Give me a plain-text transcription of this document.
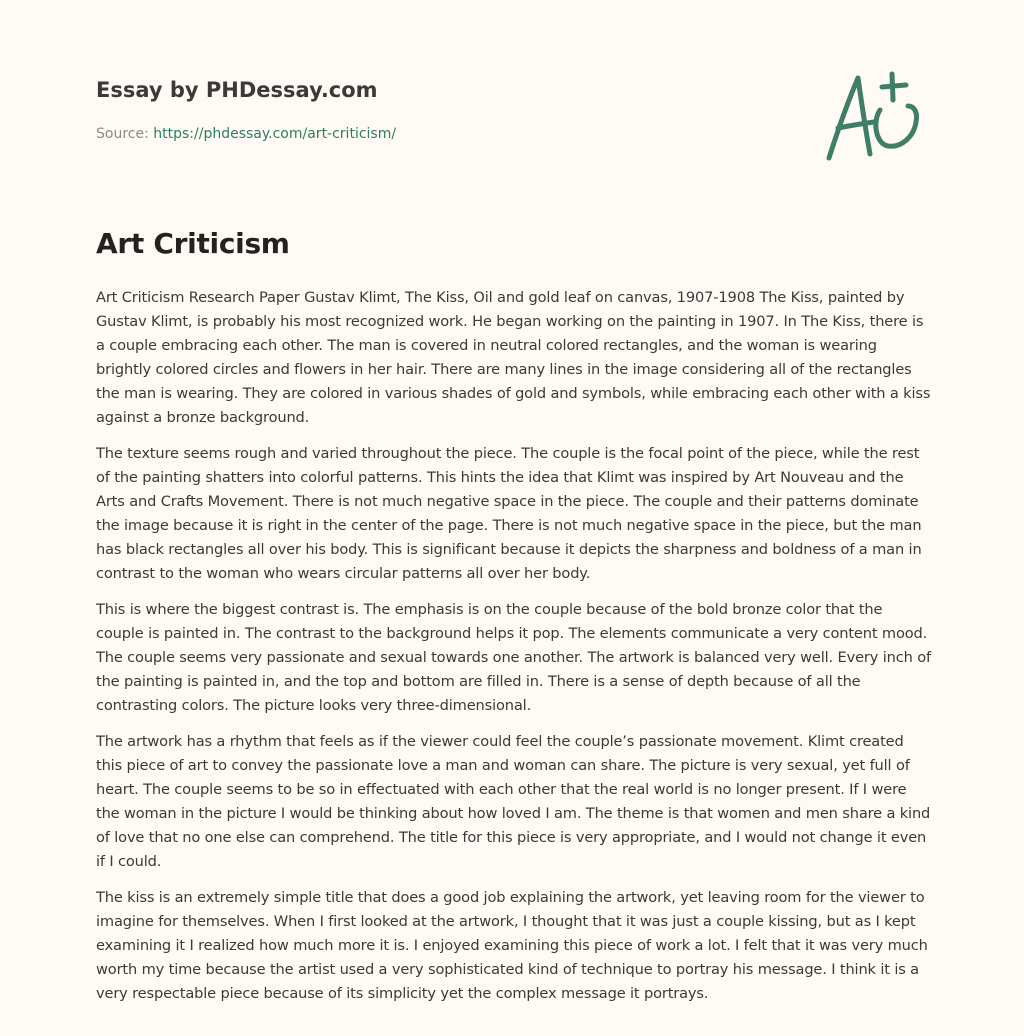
Essay by PHDessay.com
Source: https://phdessay.com/art-criticism/
Art Criticism

Art Criticism Research Paper Gustav Klimt, The Kiss, Oil and gold leaf on canvas, 1907-1908 The Kiss, painted by Gustav Klimt, is probably his most recognized work. He began working on the painting in 1907. In The Kiss, there is a couple embracing each other. The man is covered in neutral colored rectangles, and the woman is wearing brightly colored circles and flowers in her hair. There are many lines in the image considering all of the rectangles the man is wearing. They are colored in various shades of gold and symbols, while embracing each other with a kiss against a bronze background.

The texture seems rough and varied throughout the piece. The couple is the focal point of the piece, while the rest of the painting shatters into colorful patterns. This hints the idea that Klimt was inspired by Art Nouveau and the Arts and Crafts Movement. There is not much negative space in the piece. The couple and their patterns dominate the image because it is right in the center of the page. There is not much negative space in the piece, but the man has black rectangles all over his body. This is significant because it depicts the sharpness and boldness of a man in contrast to the woman who wears circular patterns all over her body.

This is where the biggest contrast is. The emphasis is on the couple because of the bold bronze color that the couple is painted in. The contrast to the background helps it pop. The elements communicate a very content mood. The couple seems very passionate and sexual towards one another. The artwork is balanced very well. Every inch of the painting is painted in, and the top and bottom are filled in. There is a sense of depth because of all the contrasting colors. The picture looks very three-dimensional.

The artwork has a rhythm that feels as if the viewer could feel the couple’s passionate movement. Klimt created this piece of art to convey the passionate love a man and woman can share. The picture is very sexual, yet full of heart. The couple seems to be so in effectuated with each other that the real world is no longer present. If I were the woman in the picture I would be thinking about how loved I am. The theme is that women and men share a kind of love that no one else can comprehend. The title for this piece is very appropriate, and I would not change it even if I could.

The kiss is an extremely simple title that does a good job explaining the artwork, yet leaving room for the viewer to imagine for themselves. When I first looked at the artwork, I thought that it was just a couple kissing, but as I kept examining it I realized how much more it is. I enjoyed examining this piece of work a lot. I felt that it was very much worth my time because the artist used a very sophisticated kind of technique to portray his message. I think it is a very respectable piece because of its simplicity yet the complex message it portrays.
